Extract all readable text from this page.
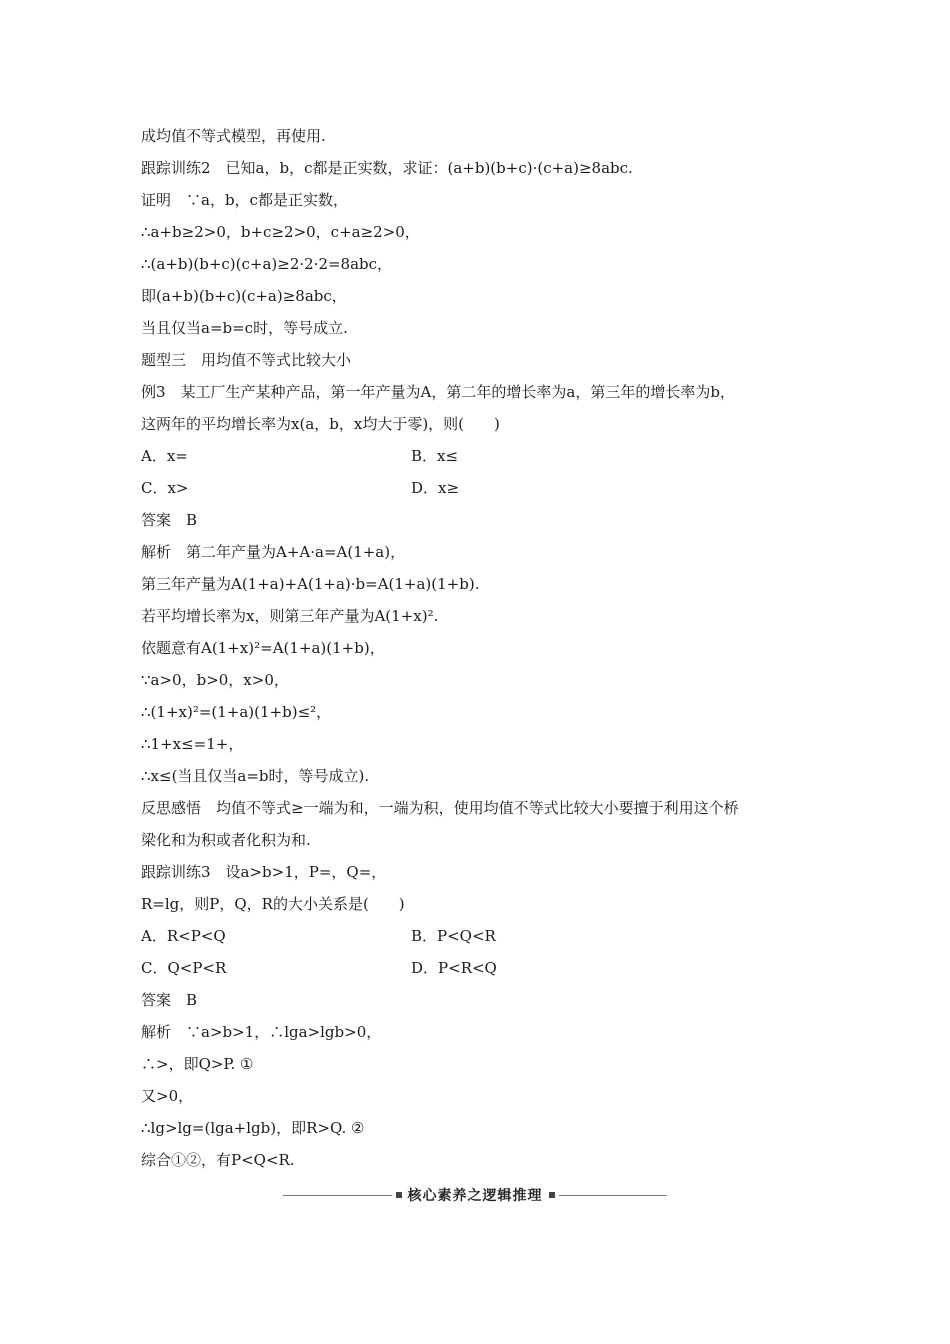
成均值不等式模型，再使用.
跟踪训练2　已知a，b，c都是正实数，求证：(a+b)(b+c)·(c+a)≥8abc.
证明　∵a，b，c都是正实数，
∴a+b≥2>0，b+c≥2>0，c+a≥2>0，
∴(a+b)(b+c)(c+a)≥2·2·2=8abc，
即(a+b)(b+c)(c+a)≥8abc，
当且仅当a=b=c时，等号成立.
题型三　用均值不等式比较大小
例3　某工厂生产某种产品，第一年产量为A，第二年的增长率为a，第三年的增长率为b，
这两年的平均增长率为x(a，b，x均大于零)，则(　　)
A．x=	B．x≤
C．x>	D．x≥
答案　B
解析　第二年产量为A+A·a=A(1+a)，
第三年产量为A(1+a)+A(1+a)·b=A(1+a)(1+b).
若平均增长率为x，则第三年产量为A(1+x)².
依题意有A(1+x)²=A(1+a)(1+b)，
∵a>0，b>0，x>0，
∴(1+x)²=(1+a)(1+b)≤²，
∴1+x≤=1+，
∴x≤(当且仅当a=b时，等号成立).
反思感悟　均值不等式≥一端为和，一端为积，使用均值不等式比较大小要擅于利用这个桥
梁化和为积或者化积为和.
跟踪训练3　设a>b>1，P=，Q=，
R=lg，则P，Q，R的大小关系是(　　)
A．R<P<Q	B．P<Q<R
C．Q<P<R	D．P<R<Q
答案　B
解析　∵a>b>1，∴lga>lgb>0，
∴>，即Q>P. ①
又>0，
∴lg>lg=(lga+lgb)，即R>Q. ②
综合①②，有P<Q<R.
核心素养之逻辑推理
